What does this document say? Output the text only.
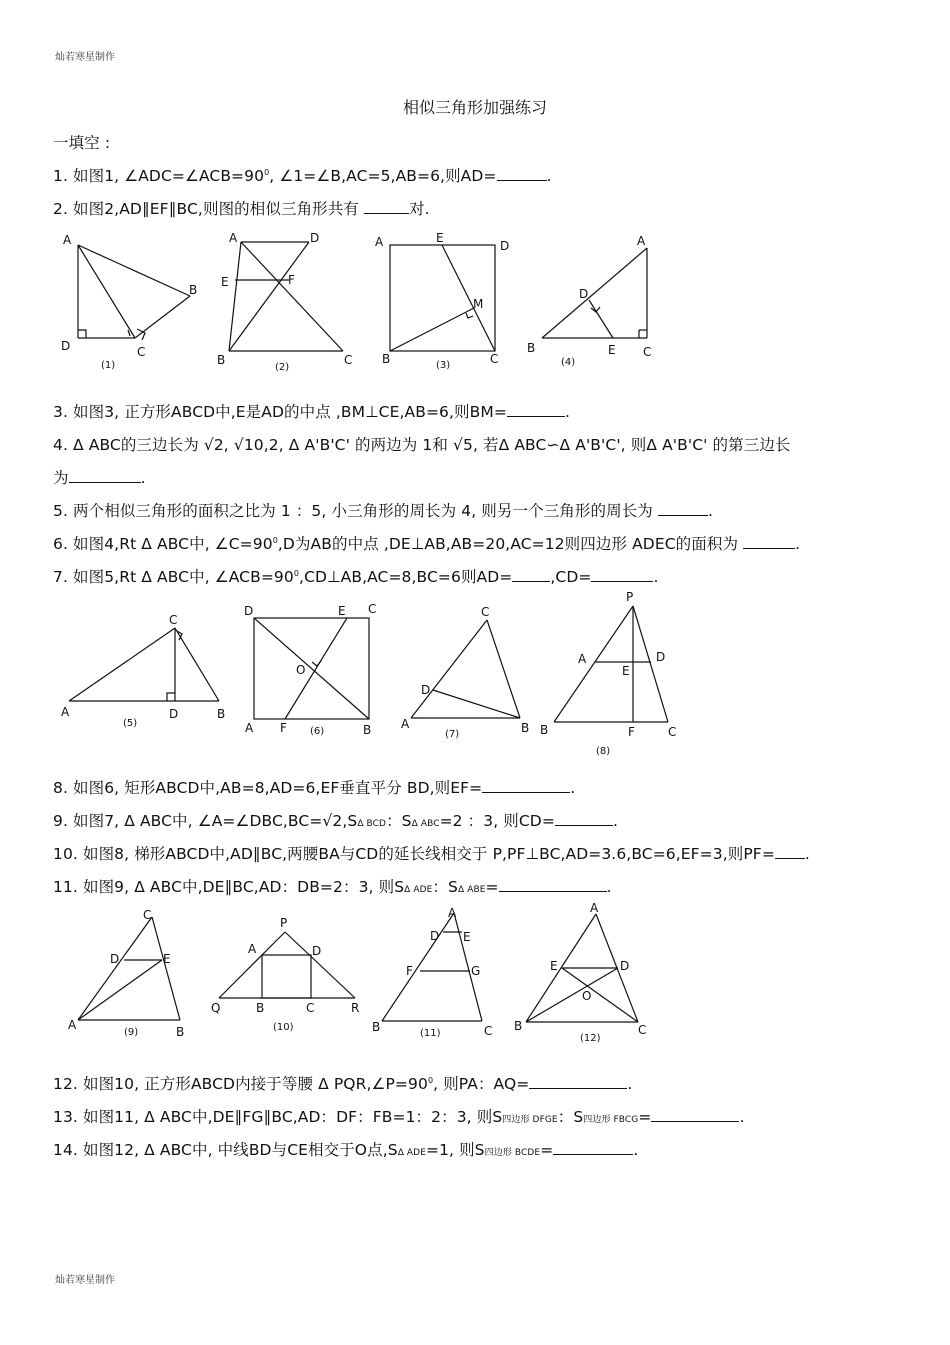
灿若寒星制作
相似三角形加强练习
一填空 :
1. 如图1, $\angle ADC=\angle ACB=90^0$, ∠1=∠B,AC=5,AB=6,则AD=	.
2. 如图2,AD∥EF∥BC,则图的相似三角形共有	对.
A
B
C
D
(1)
A	D
E	F
B	C
(2)
A	E
D
M
B	C
(3)
A
D
B	E C
(4)
3. 如图3, 正方形ABCD中,E是AD的中点 ,BM⊥CE,AB=6,则BM=	.
4. Δ ABC的三边长为 √2, √10,2, Δ A'B'C' 的两边为 1和 √5, 若Δ ABC∽Δ A'B'C', 则Δ A'B'C' 的第三边长
为	.
5. 两个相似三角形的面积之比为 1 ：5, 小三角形的周长为 4, 则另一个三角形的周长为	.
6. 如图4,Rt Δ ABC中, $\angle C=90^0,D$为AB的中点 ,DE⊥AB,AB=20,AC=12则四边形 ADEC的面积为	.
7. 如图5,Rt Δ ABC中, $\angle ACB=90^0,CD\perp AB,AC=8,BC=6$则AD= ,CD=	.
C
A	D	B
(5)
D	E C
O
A F	B
(6)
C
D
A	B
(7)
P
A	D
E
B	F	C
(8)
8. 如图6, 矩形ABCD中,AB=8,AD=6,EF垂直平分 BD,则EF=	.
9. 如图7, Δ ABC中, ∠A=∠DBC,BC=√2,SΔ BCD：SΔ ABC=2 ：3, 则CD=	.
10. 如图8, 梯形ABCD中,AD∥BC,两腰BA与CD的延长线相交于 P,PF⊥BC,AD=3.6,BC=6,EF=3,则PF= .
11. 如图9, Δ ABC中,DE∥BC,AD：DB=2：3, 则SΔ ADE：SΔ ABE=	.
C
D	E
A	B
(9)
P
A	D
Q	B	C	R
(10)
A
D E
F	G
B	C
(11)
A
E	D
O
B	C
(12)
12. 如图10, 正方形ABCD内接于等腰 Δ $PQR,\angle P=90^0$, 则PA：AQ=	.
13. 如图11, Δ ABC中,DE∥FG∥BC,AD：DF：FB=1：2：3, 则S四边形 DFGE：S四边形 FBCG=	.
14. 如图12, Δ ABC中, 中线BD与CE相交于O点,SΔ ADE=1, 则S四边形 BCDE=	.
灿若寒星制作
